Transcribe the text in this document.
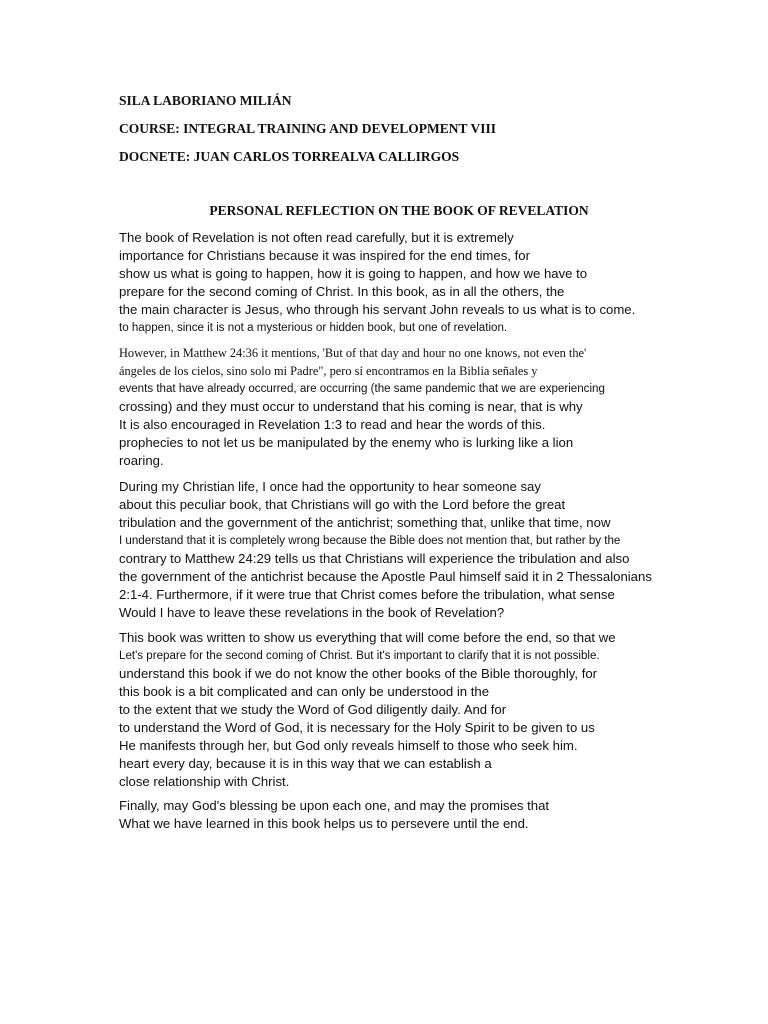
SILA LABORIANO MILIÁN
COURSE: INTEGRAL TRAINING AND DEVELOPMENT VIII
DOCNETE: JUAN CARLOS TORREALVA CALLIRGOS
PERSONAL REFLECTION ON THE BOOK OF REVELATION
The book of Revelation is not often read carefully, but it is extremely
importance for Christians because it was inspired for the end times, for
show us what is going to happen, how it is going to happen, and how we have to
prepare for the second coming of Christ. In this book, as in all the others, the
the main character is Jesus, who through his servant John reveals to us what is to come.
to happen, since it is not a mysterious or hidden book, but one of revelation.
However, in Matthew 24:36 it mentions, 'But of that day and hour no one knows, not even the'
ángeles de los cielos, sino solo mi Padre", pero sí encontramos en la Biblia señales y
events that have already occurred, are occurring (the same pandemic that we are experiencing
crossing) and they must occur to understand that his coming is near, that is why
It is also encouraged in Revelation 1:3 to read and hear the words of this.
prophecies to not let us be manipulated by the enemy who is lurking like a lion
roaring.
During my Christian life, I once had the opportunity to hear someone say
about this peculiar book, that Christians will go with the Lord before the great
tribulation and the government of the antichrist; something that, unlike that time, now
I understand that it is completely wrong because the Bible does not mention that, but rather by the
contrary to Matthew 24:29 tells us that Christians will experience the tribulation and also
the government of the antichrist because the Apostle Paul himself said it in 2 Thessalonians
2:1-4. Furthermore, if it were true that Christ comes before the tribulation, what sense
Would I have to leave these revelations in the book of Revelation?
This book was written to show us everything that will come before the end, so that we
Let's prepare for the second coming of Christ. But it's important to clarify that it is not possible.
understand this book if we do not know the other books of the Bible thoroughly, for
this book is a bit complicated and can only be understood in the
to the extent that we study the Word of God diligently daily. And for
to understand the Word of God, it is necessary for the Holy Spirit to be given to us
He manifests through her, but God only reveals himself to those who seek him.
heart every day, because it is in this way that we can establish a
close relationship with Christ.
Finally, may God's blessing be upon each one, and may the promises that
What we have learned in this book helps us to persevere until the end.
